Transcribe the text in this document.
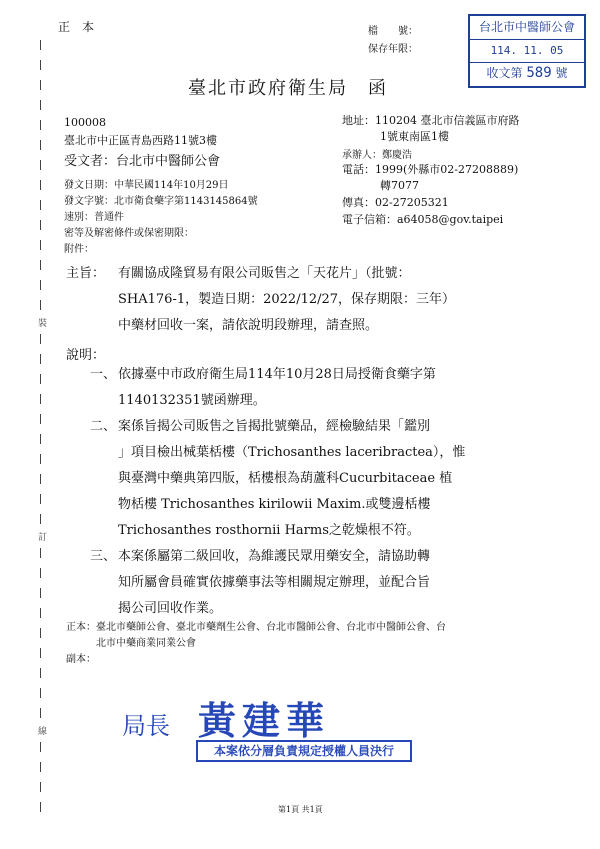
正　本	檔　　號：
保存年限：
台北市中醫師公會
114. 11. 05
收文第 589 號
裝
訂
線
臺北市政府衛生局　函
100008
臺北市中正區青島西路11號3樓
受文者：台北市中醫師公會
地址：110204 臺北市信義區市府路
1號東南區1樓
承辦人：鄭慶浩
電話：1999(外縣市02-27208889)
轉7077
傳真：02-27205321
電子信箱：a64058@gov.taipei
發文日期：中華民國114年10月29日
發文字號：北市衛食藥字第1143145864號
速別：普通件
密等及解密條件或保密期限：
附件：
主旨： 有關協成隆貿易有限公司販售之「天花片」（批號：
SHA176-1，製造日期：2022/12/27，保存期限：三年）
中藥材回收一案，請依說明段辦理，請查照。
說明：
一、 依據臺中市政府衛生局114年10月28日局授衛食藥字第
1140132351號函辦理。
二、 案係旨揭公司販售之旨揭批號藥品，經檢驗結果「鑑別
」項目檢出械葉栝樓（Trichosanthes laceribractea），惟
與臺灣中藥典第四版，栝樓根為葫蘆科Cucurbitaceae 植
物栝樓 Trichosanthes kirilowii Maxim.或雙邊栝樓
Trichosanthes rosthornii Harms之乾燥根不符。
三、 本案係屬第二級回收，為維護民眾用藥安全，請協助轉
知所屬會員確實依據藥事法等相關規定辦理，並配合旨
揭公司回收作業。
正本： 臺北市藥師公會、臺北市藥劑生公會、台北市醫師公會、台北市中醫師公會、台
北市中藥商業同業公會
副本：
局長 黃建華
本案依分層負責規定授權人員決行
第1頁 共1頁
